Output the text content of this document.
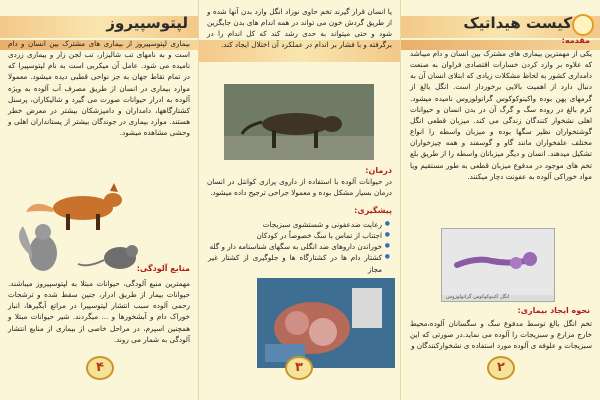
لپتوسپیروز
بیماری لپتوسپیروز از بیماری های مشترک بین انسان و دام است و به نامهای تب شالیزار، تب لجن زار و بیماری زردی نامیده می شود. عامل آن میکربی است به نام لپتوسپیرا که در تمام نقاط جهان به جز نواحی قطبی دیده میشود. معمولا موارد بیماری در انسان از طریق مصرف آب آلوده به ویژه آلوده به ادرار حیوانات صورت می گیرد و شالیکاران، پرسنل کشتارگاهها، دامداران و دامپزشکان بیشتر در معرض خطر هستند. موارد بیماری در جوندگان بیشتر از پستانداران اهلی و وحشی مشاهده میشود.
منابع آلودگی:
مهمترین منبع آلودگی، حیوانات مبتلا به لپتوسپیروز میباشند. حیوانات بیمار از طریق ادرار، جنین سقط شده و ترشحات رحمی آلوده سبب انتشار لپتوسپیرا در مراتع آبگیرها، انبار خوراک دام و آبشخورها و ... میگردند. شیر حیوانات مبتلا و همچنین اسپرم، در مراحل خاصی از بیماری از منابع انتشار آلودگی به شمار می روند.
۴
یا انسان قرار گیرند تخم حاوی نوزاد انگل وارد بدن آنها شده و از طریق گردش خون می تواند در همه اندام های بدن جایگزین شود و حتی میتواند به حدی رشد کند که کل اندام را در برگرفته و با فشار بر اندام در عملکرد آن اختلال ایجاد کند.
درمان:
در حیوانات آلوده با استفاده از داروی پرازی کوانتل در انسان درمان بسیار مشکل بوده و معمولا جراحی ترجیح داده میشود.
پیشگیری:
● رعایت ضدعفونی و شستشوی سبزیجات
● اجتناب از تماس با سگ خصوصاً در کودکان
● خوراندن داروهای ضد انگلی به سگهای شناسنامه دار و گله
● کشتار دام ها در کشتارگاه ها و جلوگیری از کشتار غیر مجاز
۳
کیست هیداتیک
مقدمه:
یکی از مهمترین بیماری های مشترک بین انسان و دام میباشد که علاوه بر وارد کردن خسارات اقتصادی فراوان به صنعت دامداری کشور به لحاظ مشکلات زیادی که ابتلای انسان آن به دنبال دارد از اهمیت بالایی برخوردار است. انگل بالغ از گرمهای پهن بوده واکینوکوکوس گرانولوزوس نامیده میشود. کرم بالغ در روده سگ و گرگ آن در بدن انسان و حیوانات اهلی نشخوار کنندگان زندگی می کند. میزبان قطعی انگل گوشتخواران نظیر سگها بوده و میزبان واسطه را انواع مختلف علفخواران مانند گاو و گوسفند و همه چیزخواران تشکیل میدهند. انسان و دیگر میزبانان واسطه را از طریق بلع تخم های موجود در مدفوع میزبان قطعی به طور مستقیم ویا مواد خوراکی آلوده به عفونت دچار میکنند.
انگل اکینوکوکوس گرانولوزوس
نحوه ایجاد بیماری:
تخم انگل بالغ توسط مدفوع سگ و سگسانان آلوده،محیط خارج مزارع و سبزیجات را آلوده می نماید.در صورتی که این سبزیجات و علوفه ی آلوده مورد استفاده ی نشخوارکنندگان و
۲
